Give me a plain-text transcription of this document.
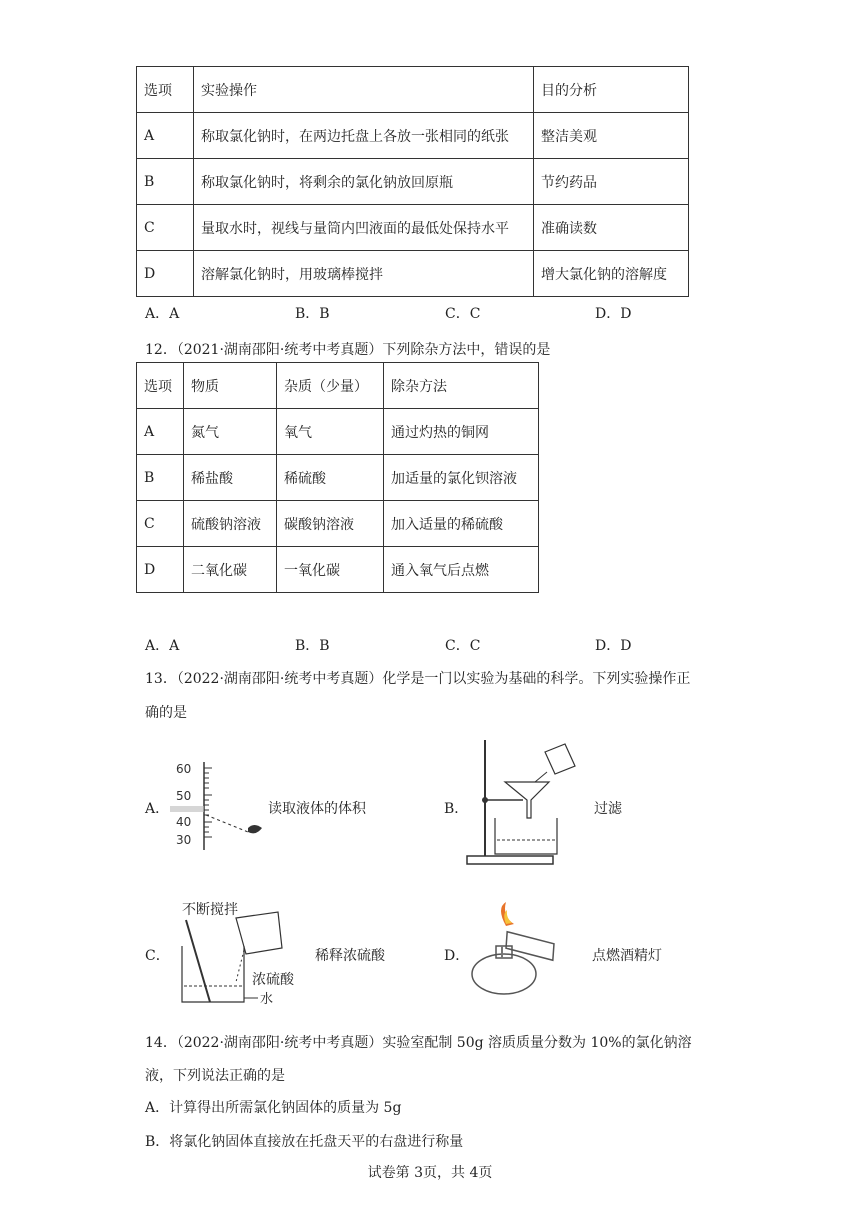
选项	实验操作	目的分析
A	称取氯化钠时，在两边托盘上各放一张相同的纸张	整洁美观
B	称取氯化钠时，将剩余的氯化钠放回原瓶	节约药品
C	量取水时，视线与量筒内凹液面的最低处保持水平	准确读数
D	溶解氯化钠时，用玻璃棒搅拌	增大氯化钠的溶解度
A．A	B．B	C．C	D．D
12．（2021·湖南邵阳·统考中考真题）下列除杂方法中，错误的是
选项	物质	杂质（少量）	除杂方法
A	氮气	氧气	通过灼热的铜网
B	稀盐酸	稀硫酸	加适量的氯化钡溶液
C	硫酸钠溶液	碳酸钠溶液	加入适量的稀硫酸
D	二氧化碳	一氧化碳	通入氧气后点燃
A．A	B．B	C．C	D．D
13．（2022·湖南邵阳·统考中考真题）化学是一门以实验为基础的科学。下列实验操作正
确的是
A．
60
50
40
30
读取液体的体积	B．	过滤
C．
不断搅拌
浓硫酸
水
稀释浓硫酸	D．	点燃酒精灯
14．（2022·湖南邵阳·统考中考真题）实验室配制 50g 溶质质量分数为 10%的氯化钠溶
液，下列说法正确的是
A．计算得出所需氯化钠固体的质量为 5g
B．将氯化钠固体直接放在托盘天平的右盘进行称量
试卷第 3页，共 4页
